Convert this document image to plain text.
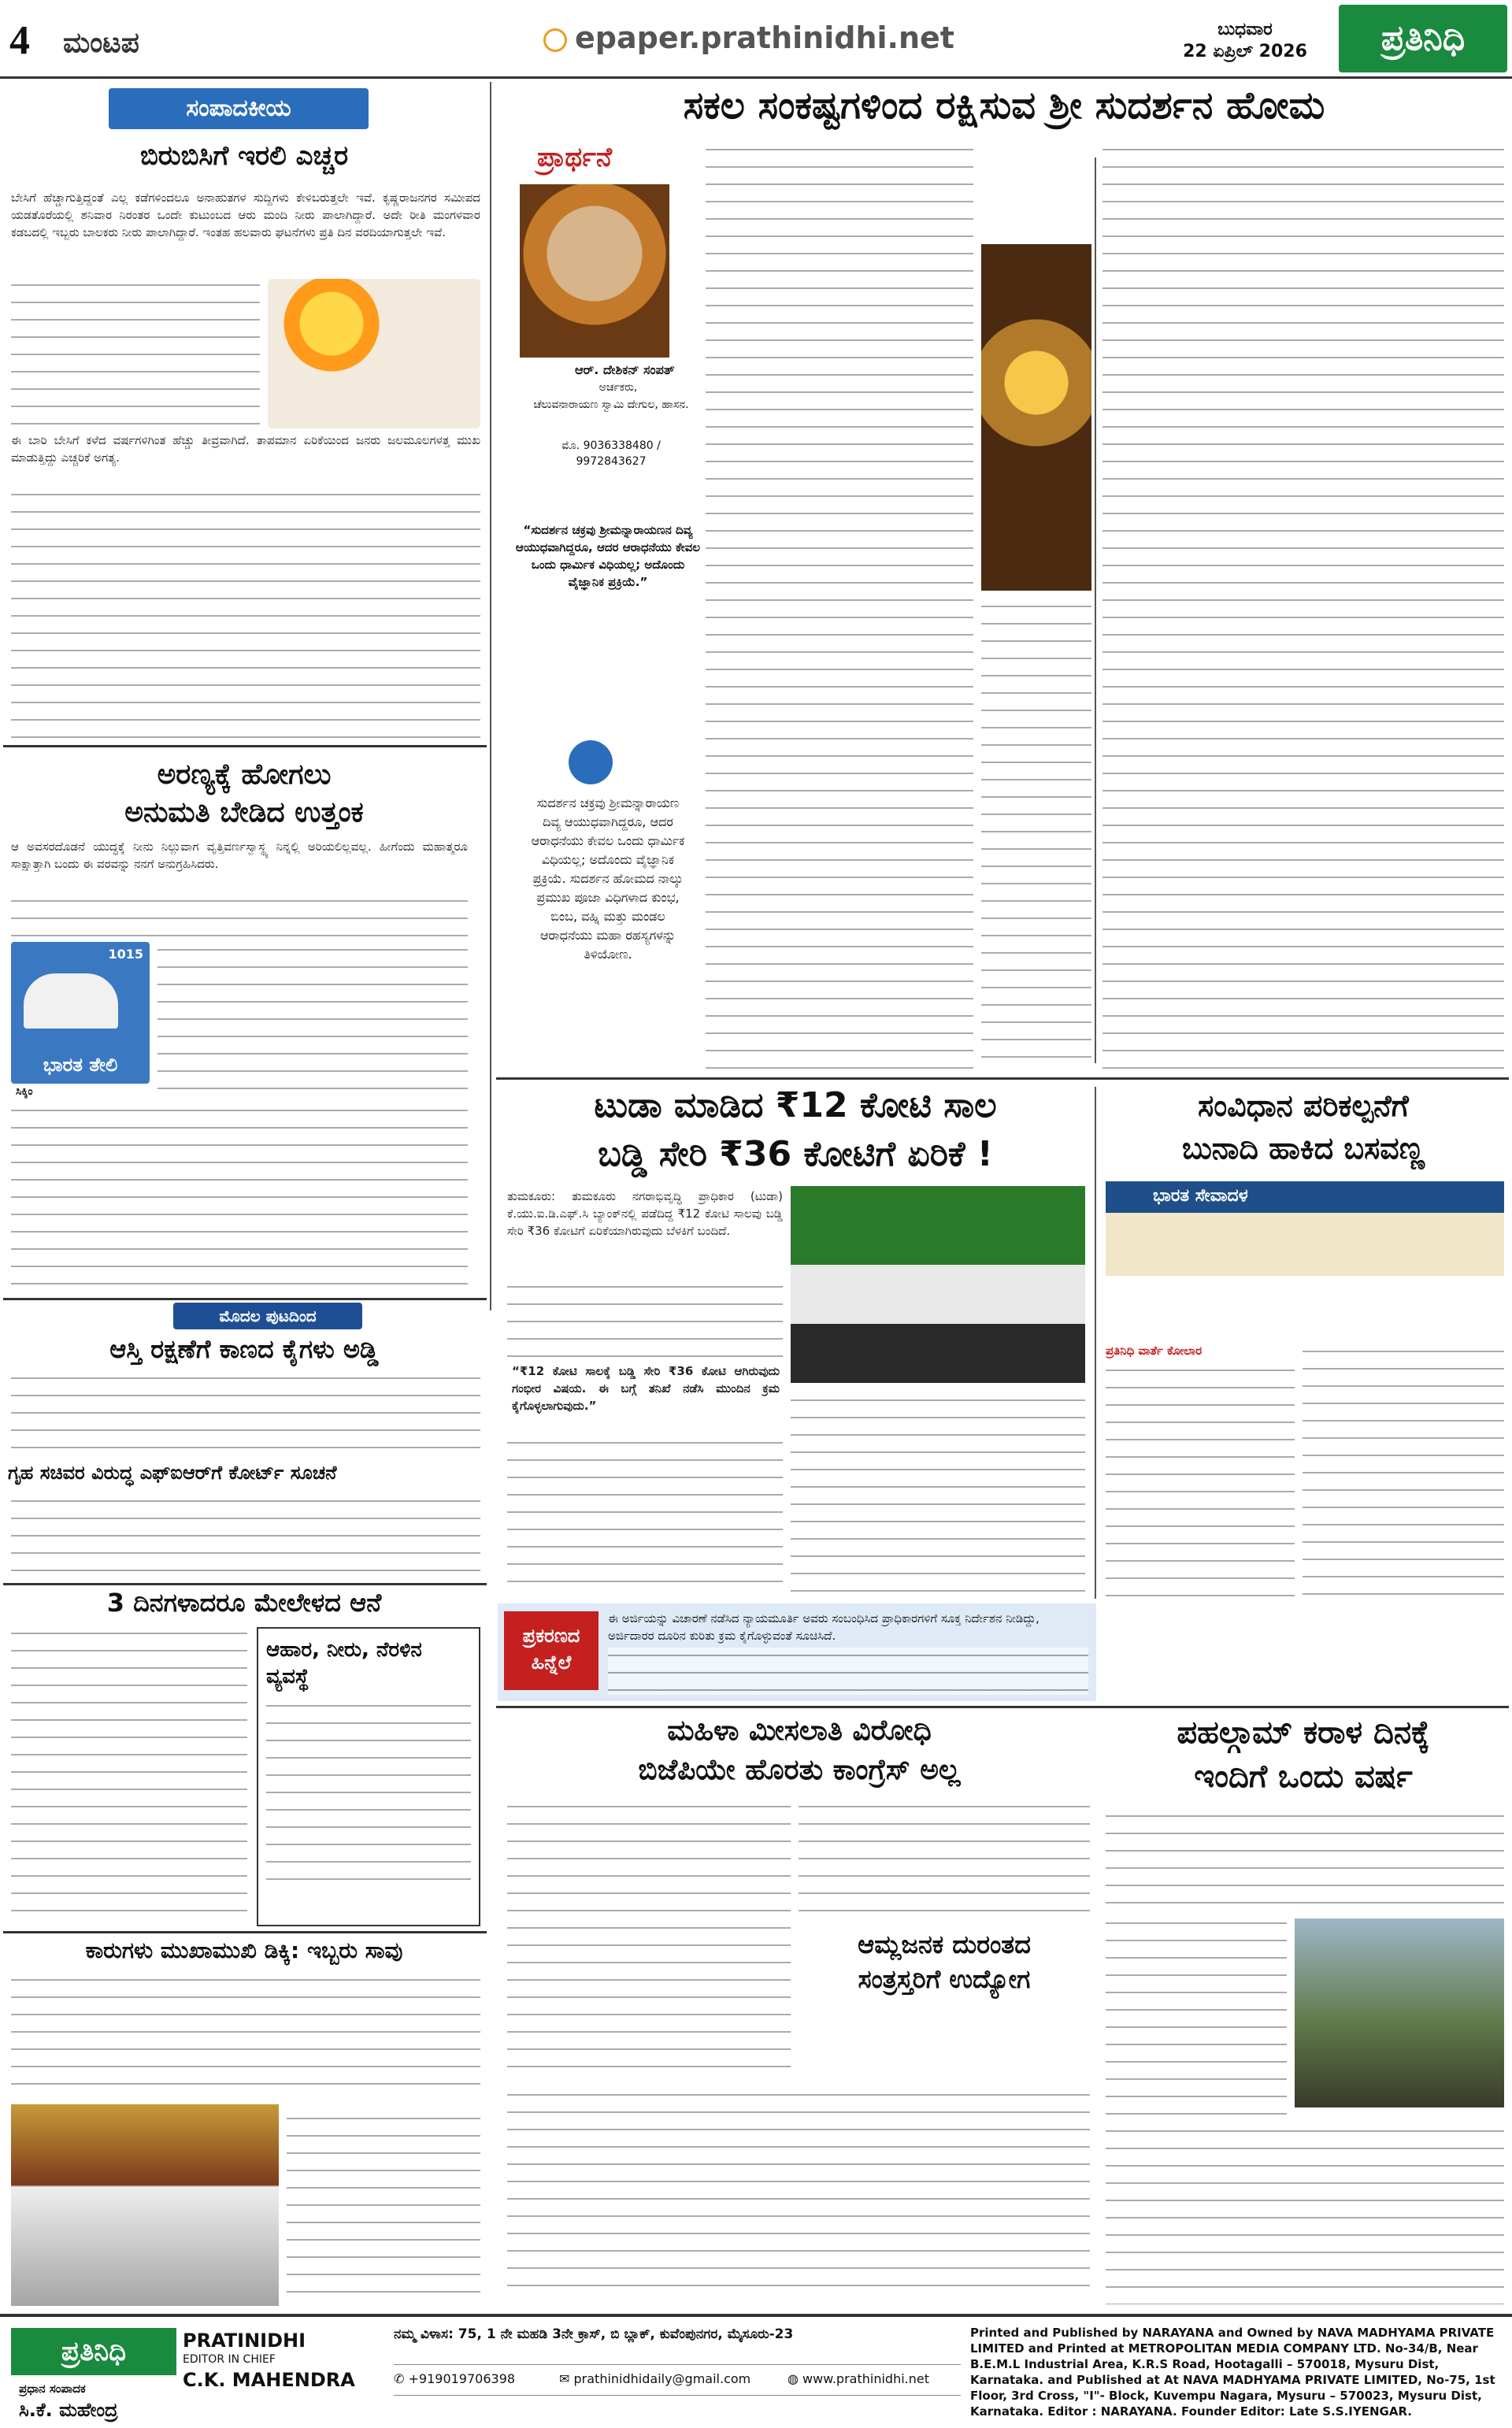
4 ಮಂಟಪ	epaper.prathinidhi.net	ಬುಧವಾರ
22 ಏಪ್ರಿಲ್ 2026	ಪ್ರತಿನಿಧಿ
ಸಂಪಾದಕೀಯ
ಬಿರುಬಿಸಿಗೆ ಇರಲಿ ಎಚ್ಚರ
ಬೇಸಿಗೆ ಹೆಚ್ಚಾಗುತ್ತಿದ್ದಂತೆ ಎಲ್ಲ ಕಡೆಗಳಿಂದಲೂ ಅನಾಹುತಗಳ ಸುದ್ದಿಗಳು ಕೇಳಿಬರುತ್ತಲೇ ಇವೆ. ಕೃಷ್ಣರಾಜನಗರ ಸಮೀಪದ ಯಡತೊರೆಯಲ್ಲಿ ಶನಿವಾರ ನಿರಂತರ ಒಂದೇ ಕುಟುಂಬದ ಆರು ಮಂದಿ ನೀರು ಪಾಲಾಗಿದ್ದಾರೆ. ಅದೇ ರೀತಿ ಮಂಗಳವಾರ ಕಡಬದಲ್ಲಿ ಇಬ್ಬರು ಬಾಲಕರು ನೀರು ಪಾಲಾಗಿದ್ದಾರೆ. ಇಂತಹ ಹಲವಾರು ಘಟನೆಗಳು ಪ್ರತಿ ದಿನ ವರದಿಯಾಗುತ್ತಲೇ ಇವೆ.
ಈ ಬಾರಿ ಬೇಸಿಗೆ ಕಳೆದ ವರ್ಷಗಳಿಗಿಂತ ಹೆಚ್ಚು ತೀವ್ರವಾಗಿದೆ. ತಾಪಮಾನ ಏರಿಕೆಯಿಂದ ಜನರು ಜಲಮೂಲಗಳತ್ತ ಮುಖ ಮಾಡುತ್ತಿದ್ದು ಎಚ್ಚರಿಕೆ ಅಗತ್ಯ.
ಅರಣ್ಯಕ್ಕೆ ಹೋಗಲು
ಅನುಮತಿ ಬೇಡಿದ ಉತ್ತಂಕ
ಆ ಅವಸರದೊಡನೆ ಯುದ್ಧಕ್ಕೆ ನೀನು ನಿಲ್ಲುವಾಗ ವೃತ್ತಿವರ್ಣಸ್ವಾಸ್ಥ್ಯ ನಿನ್ನಲ್ಲಿ ಅರಿಯಲಿಲ್ಲವಲ್ಲ. ಹೀಗೆಂದು ಮಹಾತ್ಮರೂ ಸಾಕ್ಷಾತ್ತಾಗಿ ಬಂದು ಈ ವರವನ್ನು ನನಗೆ ಅನುಗ್ರಹಿಸಿದರು.
1015
ಭಾರತ ತೇಲಿ
ಸಿಕ್ಕಿಂ
ಮೊದಲ ಪುಟದಿಂದ
ಆಸ್ತಿ ರಕ್ಷಣೆಗೆ ಕಾಣದ ಕೈಗಳು ಅಡ್ಡಿ
ಗೃಹ ಸಚಿವರ ವಿರುದ್ಧ ಎಫ್‌ಐಆರ್‌ಗೆ ಕೋರ್ಟ್ ಸೂಚನೆ
3 ದಿನಗಳಾದರೂ ಮೇಲೇಳದ ಆನೆ
ಆಹಾರ, ನೀರು, ನೆರಳಿನ ವ್ಯವಸ್ಥೆ
ಕಾರುಗಳು ಮುಖಾಮುಖಿ ಡಿಕ್ಕಿ: ಇಬ್ಬರು ಸಾವು
ಸಕಲ ಸಂಕಷ್ಟಗಳಿಂದ ರಕ್ಷಿಸುವ ಶ್ರೀ ಸುದರ್ಶನ ಹೋಮ
ಪ್ರಾರ್ಥನೆ
ಆರ್. ದೇಶಿಕನ್ ಸಂಪತ್
ಅರ್ಚಕರು,
ಚೆಲುವನಾರಾಯಣ ಸ್ವಾಮಿ ದೇಗುಲ, ಹಾಸನ.
ಮೊ. 9036338480 / 9972843627
ಸುದರ್ಶನ ಚಕ್ರವು ಶ್ರೀಮನ್ನಾರಾಯಣ ದಿವ್ಯ ಆಯುಧವಾಗಿದ್ದರೂ, ಆದರ ಆರಾಧನೆಯು ಕೇವಲ ಒಂದು ಧಾರ್ಮಿಕ ವಿಧಿಯಲ್ಲ; ಅದೊಂದು ವೈಜ್ಞಾನಿಕ ಪ್ರಕ್ರಿಯೆ. ಸುದರ್ಶನ ಹೋಮದ ನಾಲ್ಕು ಪ್ರಮುಖ ಪೂಜಾ ವಿಧಿಗಳಾದ ಕುಂಭ, ಬಿಂಬ, ವಹ್ನಿ ಮತ್ತು ಮಂಡಲ ಆರಾಧನೆಯು ಮಹಾ ರಹಸ್ಯಗಳನ್ನು ತಿಳಿಯೋಣ.
“ಸುದರ್ಶನ ಚಕ್ರವು ಶ್ರೀಮನ್ನಾರಾಯಣನ ದಿವ್ಯ ಆಯುಧವಾಗಿದ್ದರೂ, ಆದರ ಆರಾಧನೆಯು ಕೇವಲ ಒಂದು ಧಾರ್ಮಿಕ ವಿಧಿಯಲ್ಲ; ಅದೊಂದು ವೈಜ್ಞಾನಿಕ ಪ್ರಕ್ರಿಯೆ.”
ಟುಡಾ ಮಾಡಿದ ₹12 ಕೋಟಿ ಸಾಲ
ಬಡ್ಡಿ ಸೇರಿ ₹36 ಕೋಟಿಗೆ ಏರಿಕೆ !
ತುಮಕೂರು: ತುಮಕೂರು ನಗರಾಭಿವೃದ್ಧಿ ಪ್ರಾಧಿಕಾರ (ಟುಡಾ) ಕೆ.ಯು.ಐ.ಡಿ.ಎಫ್.ಸಿ ಬ್ಯಾಂಕ್‌ನಲ್ಲಿ ಪಡೆದಿದ್ದ ₹12 ಕೋಟಿ ಸಾಲವು ಬಡ್ಡಿ ಸೇರಿ ₹36 ಕೋಟಿಗೆ ಏರಿಕೆಯಾಗಿರುವುದು ಬೆಳಕಿಗೆ ಬಂದಿದೆ.
“₹12 ಕೋಟಿ ಸಾಲಕ್ಕೆ ಬಡ್ಡಿ ಸೇರಿ ₹36 ಕೋಟಿ ಆಗಿರುವುದು ಗಂಭೀರ ವಿಷಯ. ಈ ಬಗ್ಗೆ ತನಿಖೆ ನಡೆಸಿ ಮುಂದಿನ ಕ್ರಮ ಕೈಗೊಳ್ಳಲಾಗುವುದು.”
ಸಂವಿಧಾನ ಪರಿಕಲ್ಪನೆಗೆ
ಬುನಾದಿ ಹಾಕಿದ ಬಸವಣ್ಣ
ಭಾರತ ಸೇವಾದಳ
ಪ್ರತಿನಿಧಿ ವಾರ್ತೆ ಕೋಲಾರ
ಪ್ರಕರಣದ ಹಿನ್ನೆಲೆ
ಈ ಅರ್ಜಿಯನ್ನು ವಿಚಾರಣೆ ನಡೆಸಿದ ನ್ಯಾಯಮೂರ್ತಿ ಅವರು ಸಂಬಂಧಿಸಿದ ಪ್ರಾಧಿಕಾರಗಳಿಗೆ ಸೂಕ್ತ ನಿರ್ದೇಶನ ನೀಡಿದ್ದು, ಅರ್ಜಿದಾರರ ದೂರಿನ ಕುರಿತು ಕ್ರಮ ಕೈಗೊಳ್ಳುವಂತೆ ಸೂಚಿಸಿದೆ.
ಮಹಿಳಾ ಮೀಸಲಾತಿ ವಿರೋಧಿ
ಬಿಜೆಪಿಯೇ ಹೊರತು ಕಾಂಗ್ರೆಸ್ ಅಲ್ಲ
ಆಮ್ಲಜನಕ ದುರಂತದ
ಸಂತ್ರಸ್ತರಿಗೆ ಉದ್ಯೋಗ
ಪಹಲ್ಗಾಮ್ ಕರಾಳ ದಿನಕ್ಕೆ
ಇಂದಿಗೆ ಒಂದು ವರ್ಷ
ಪ್ರತಿನಿಧಿ	PRATINIDHI
EDITOR IN CHIEF
ಪ್ರಧಾನ ಸಂಪಾದಕ
ಸಿ.ಕೆ. ಮಹೇಂದ್ರ
C.K. MAHENDRA
ನಮ್ಮ ವಿಳಾಸ: 75, 1 ನೇ ಮಹಡಿ 3ನೇ ಕ್ರಾಸ್, ಬಿ ಬ್ಲಾಕ್, ಕುವೆಂಪುನಗರ, ಮೈಸೂರು-23
✆ +919019706398	✉ prathinidhidaily@gmail.com	◍ www.prathinidhi.net
Printed and Published by NARAYANA and Owned by NAVA MADHYAMA PRIVATE LIMITED and Printed at METROPOLITAN MEDIA COMPANY LTD. No-34/B, Near B.E.M.L Industrial Area, K.R.S Road, Hootagalli – 570018, Mysuru Dist, Karnataka. and Published at At NAVA MADHYAMA PRIVATE LIMITED, No-75, 1st Floor, 3rd Cross, "I"- Block, Kuvempu Nagara, Mysuru – 570023, Mysuru Dist, Karnataka. Editor : NARAYANA. Founder Editor: Late S.S.IYENGAR.
